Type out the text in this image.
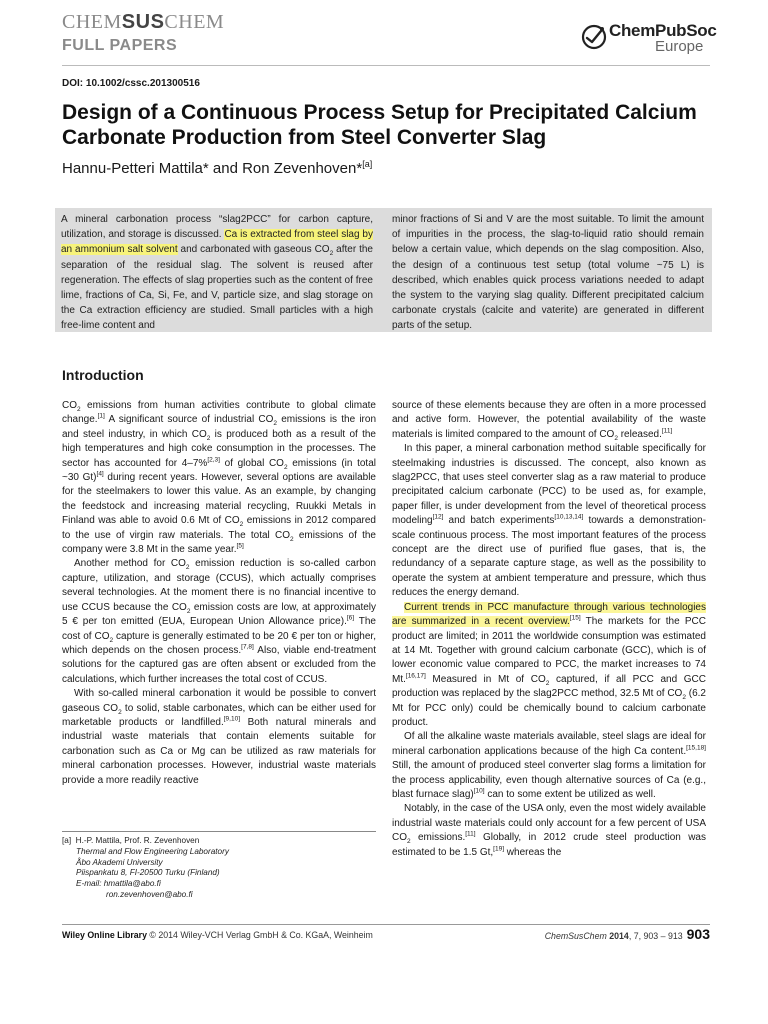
CHEMSUSCHEM
FULL PAPERS
ChemPubSoc
Europe
DOI: 10.1002/cssc.201300516
Design of a Continuous Process Setup for Precipitated Calcium Carbonate Production from Steel Converter Slag
Hannu-Petteri Mattila* and Ron Zevenhoven*[a]
A mineral carbonation process “slag2PCC” for carbon capture, utilization, and storage is discussed. Ca is extracted from steel slag by an ammonium salt solvent and carbonated with gaseous $CO_2$ after the separation of the residual slag. The solvent is reused after regeneration. The effects of slag properties such as the content of free lime, fractions of Ca, Si, Fe, and V, particle size, and slag storage on the Ca extraction efficiency are studied. Small particles with a high free-lime content and
minor fractions of Si and V are the most suitable. To limit the amount of impurities in the process, the slag-to-liquid ratio should remain below a certain value, which depends on the slag composition. Also, the design of a continuous test setup (total volume ~75 L) is described, which enables quick process variations needed to adapt the system to the varying slag quality. Different precipitated calcium carbonate crystals (calcite and vaterite) are generated in different parts of the setup.
Introduction

$CO_2$ emissions from human activities contribute to global climate change.[1] A significant source of industrial $CO_2$ emissions is the iron and steel industry, in which $CO_2$ is produced both as a result of the high temperatures and high coke consumption in the processes. The sector has accounted for 4–7%[2,3] of global $CO_2$ emissions (in total ~30 Gt)[4] during recent years. However, several options are available for the steelmakers to lower this value. As an example, by changing the feedstock and increasing material recycling, Ruukki Metals in Finland was able to avoid 0.6 Mt of $CO_2$ emissions in 2012 compared to the use of virgin raw materials. The total $CO_2$ emissions of the company were 3.8 Mt in the same year.[5]

Another method for $CO_2$ emission reduction is so-called carbon capture, utilization, and storage (CCUS), which actually comprises several technologies. At the moment there is no financial incentive to use CCUS because the $CO_2$ emission costs are low, at approximately 5 € per ton emitted (EUA, European Union Allowance price).[6] The cost of $CO_2$ capture is generally estimated to be 20 € per ton or higher, which depends on the chosen process.[7,8] Also, viable end-treatment solutions for the captured gas are often absent or excluded from the calculations, which further increases the total cost of CCUS.

With so-called mineral carbonation it would be possible to convert gaseous $CO_2$ to solid, stable carbonates, which can be either used for marketable products or landfilled.[9,10] Both natural minerals and industrial waste materials that contain elements suitable for carbonation such as Ca or Mg can be utilized as raw materials for mineral carbonation processes. However, industrial waste materials provide a more readily reactive

source of these elements because they are often in a more processed and active form. However, the potential availability of the waste materials is limited compared to the amount of $CO_2$ released.[11]

In this paper, a mineral carbonation method suitable specifically for steelmaking industries is discussed. The concept, also known as slag2PCC, that uses steel converter slag as a raw material to produce precipitated calcium carbonate (PCC) to be used as, for example, paper filler, is under development from the level of theoretical process modeling[12] and batch experiments[10,13,14] towards a demonstration-scale continuous process. The most important features of the process concept are the direct use of purified flue gases, that is, the redundancy of a separate capture stage, as well as the possibility to operate the system at ambient temperature and pressure, which thus reduces the energy demand.

Current trends in PCC manufacture through various technologies are summarized in a recent overview.[15] The markets for the PCC product are limited; in 2011 the worldwide consumption was estimated at 14 Mt. Together with ground calcium carbonate (GCC), which is of lower economic value compared to PCC, the market increases to 74 Mt.[16,17] Measured in Mt of $CO_2$ captured, if all PCC and GCC production was replaced by the slag2PCC method, 32.5 Mt of $CO_2$ (6.2 Mt for PCC only) could be chemically bound to calcium carbonate product.

Of all the alkaline waste materials available, steel slags are ideal for mineral carbonation applications because of the high Ca content.[15,18] Still, the amount of produced steel converter slag forms a limitation for the process applicability, even though alternative sources of Ca (e.g., blast furnace slag)[10] can to some extent be utilized as well.

Notably, in the case of the USA only, even the most widely available industrial waste materials could only account for a few percent of USA $CO_2$ emissions.[11] Globally, in 2012 crude steel production was estimated to be 1.5 Gt,[19] whereas the

[a] H.-P. Mattila, Prof. R. Zevenhoven
Thermal and Flow Engineering Laboratory
Åbo Akademi University
Piispankatu 8, FI-20500 Turku (Finland)
E-mail: hmattila@abo.fi
ron.zevenhoven@abo.fi
Wiley Online Library © 2014 Wiley-VCH Verlag GmbH & Co. KGaA, Weinheim	ChemSusChem 2014, 7, 903 – 913 903
